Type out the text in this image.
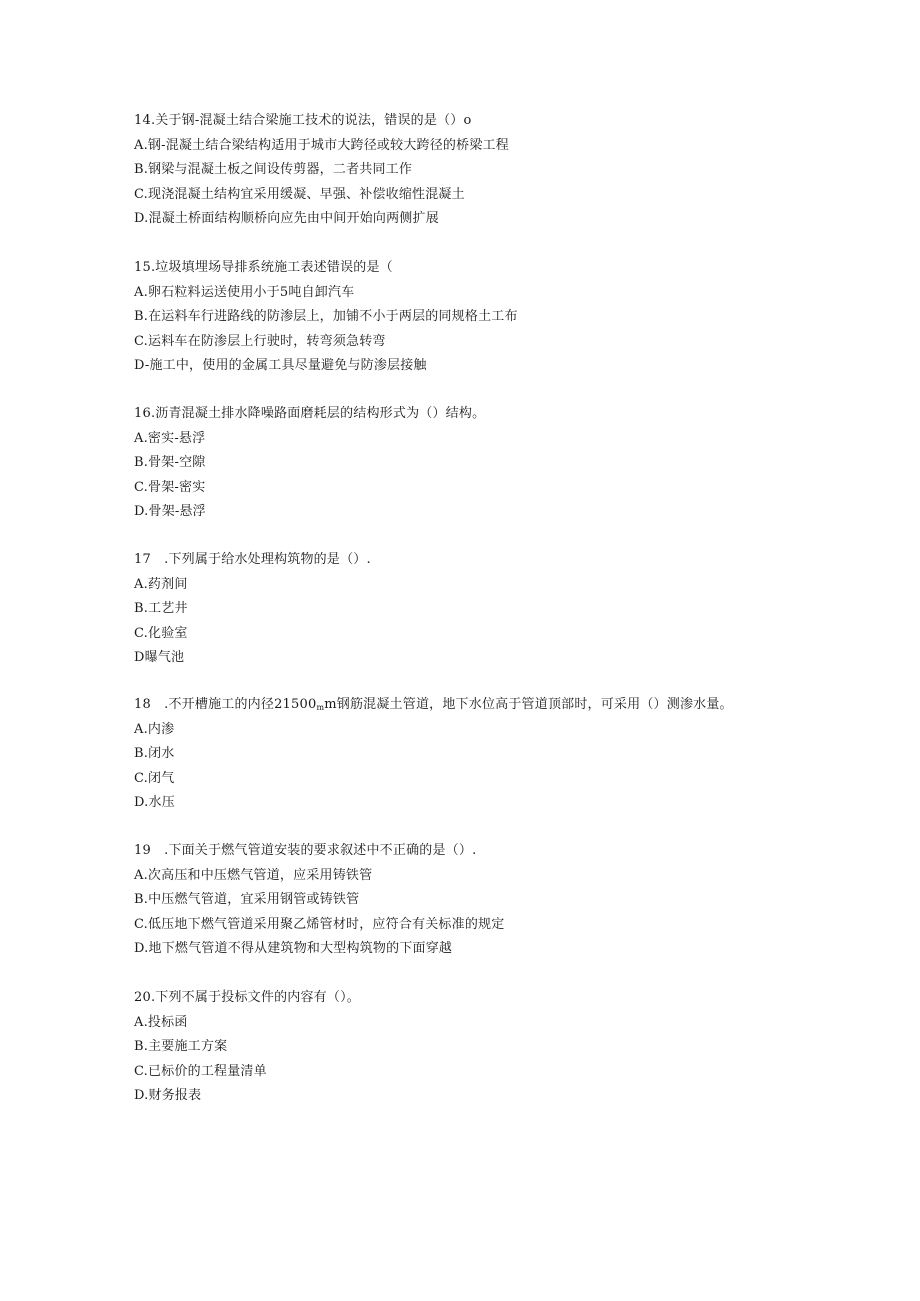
14.关于钢-混凝土结合梁施工技术的说法，错误的是（）o
A.钢-混凝土结合梁结构适用于城市大跨径或较大跨径的桥梁工程
B.钢梁与混凝土板之间设传剪器，二者共同工作
C.现浇混凝土结构宜采用缓凝、早强、补偿收缩性混凝土
D.混凝土桥面结构顺桥向应先由中间开始向两侧扩展
15.垃圾填埋场导排系统施工表述错误的是（
A.卵石粒料运送使用小于5吨自卸汽车
B.在运料车行进路线的防渗层上，加铺不小于两层的同规格土工布
C.运料车在防渗层上行驶时，转弯须急转弯
D-施工中，使用的金属工具尽量避免与防渗层接触
16.沥青混凝土排水降噪路面磨耗层的结构形式为（）结构。
A.密实-悬浮
B.骨架-空隙
C.骨架-密实
D.骨架-悬浮
17　.下列属于给水处理构筑物的是（）.
A.药剂间
B.工艺井
C.化验室
D曝气池
18　.不开槽施工的内径$21500_mm$钢筋混凝土管道，地下水位高于管道顶部时，可采用（）测渗水量。
A.内渗
B.闭水
C.闭气
D.水压
19　.下面关于燃气管道安装的要求叙述中不正确的是（）.
A.次高压和中压燃气管道，应采用铸铁管
B.中压燃气管道，宜采用钢管或铸铁管
C.低压地下燃气管道采用聚乙烯管材时，应符合有关标准的规定
D.地下燃气管道不得从建筑物和大型构筑物的下面穿越
20.下列不属于投标文件的内容有（）。
A.投标函
B.主要施工方案
C.已标价的工程量清单
D.财务报表
